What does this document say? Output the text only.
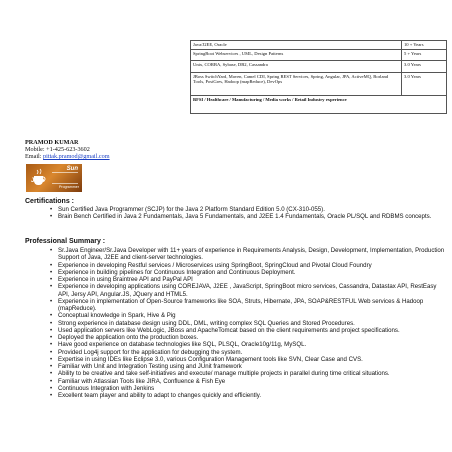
Java/J2EE, Oracle	10 + Years
SpringBoot Webservices , UML, Design Patterns	5 + Years
Unix, CORBA, Sybase, DB2, Cassandra	3.0 Years
JBoss SwitchYard, Maven, Camel CDI, Spring REST Services, Spring, Angular, JPA, ActiveMQ, Borland Tools, PostGres, Hadoop (mapReduce), DevOps	3.0 Years
BFSI / Healthcare / Manufacturing / Media works / Retail Industry experience	
PRAMOD KUMAR
Mobile: +1-425-623-3602
Email: pittak.pramod@gmail.com
Java
Sun
Programmer
Certifications :
• Sun Certified Java Programmer (SCJP) for the Java 2 Platform Standard Edition 5.0 (CX-310-055).
• Brain Bench Certified in Java 2 Fundamentals, Java 5 Fundamentals, and J2EE 1.4 Fundamentals, Oracle PL/SQL and RDBMS concepts.
Professional Summary :
• Sr.Java Engineer/Sr.Java Developer with 11+ years of experience in Requirements Analysis, Design, Development, Implementation, Production Support of Java, J2EE and client-server technologies.
• Experience in developing Restful services / Microservices using SpringBoot, SpringCloud and Pivotal Cloud Foundry
• Experience in building pipelines for Continuous Integration and Continuous Deployment.
• Experience in using Braintree API and PayPal API
• Experience in developing applications using COREJAVA, J2EE , JavaScript, SpringBoot micro services, Cassandra, Datastax API, RestEasy API, Jersy API, Angular.JS, JQuery and HTML5.
• Experience in implementation of Open-Source frameworks like SOA, Struts, Hibernate, JPA, SOAP&RESTFUL Web services & Hadoop (mapReduce).
• Conceptual knowledge in Spark, Hive & Pig
• Strong experience in database design using DDL, DML, writing complex SQL Queries and Stored Procedures.
• Used application servers like WebLogic, JBoss and ApacheTomcat based on the client requirements and project specifications.
• Deployed the application onto the production boxes.
• Have good experience on database technologies like SQL, PLSQL, Oracle10g/11g, MySQL.
• Provided Log4j support for the application for debugging the system.
• Expertise in using IDEs like Eclipse 3.0, various Configuration Management tools like SVN, Clear Case and CVS.
• Familiar with Unit and Integration Testing using and JUnit framework
• Ability to be creative and take self-initiatives and execute/ manage multiple projects in parallel during time critical situations.
• Familiar with Atlassian Tools like JIRA, Confluence & Fish Eye
• Continuous Integration with Jenkins
• Excellent team player and ability to adapt to changes quickly and efficiently.
